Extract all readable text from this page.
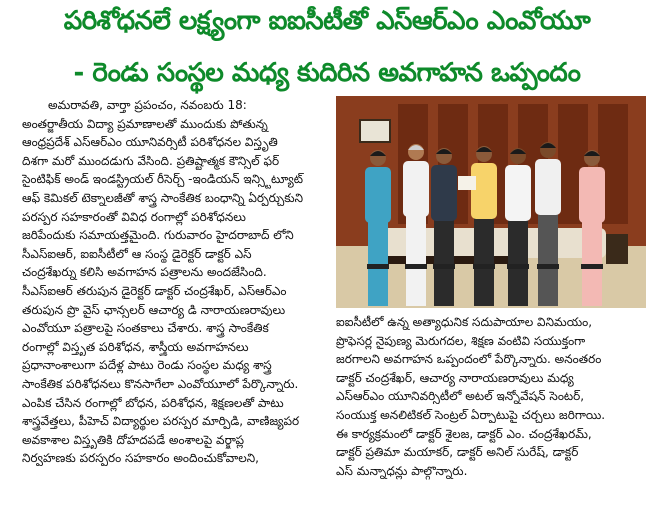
పరిశోధనలే లక్ష్యంగా ఐఐసీటీతో ఎస్ఆర్ఎం ఎంవోయూ
- రెండు సంస్థల మధ్య కుదిరిన అవగాహన ఒప్పందం

అమరావతి, వార్తా ప్రపంచం, నవంబరు 18:

అంతర్జాతీయ విద్యా ప్రమాణాలతో ముందుకు పోతున్న

ఆంధ్రప్రదేశ్ ఎస్ఆర్ఎం యూనివర్సిటీ పరిశోధనల విస్తృతి

దిశగా మరో ముందడుగు వేసింది. ప్రతిష్టాత్మక కౌన్సిల్ ఫర్

సైంటిఫిక్ అండ్ ఇండస్ట్రియల్ రీసెర్చ్ -ఇండియన్ ఇన్స్టిట్యూట్

ఆఫ్ కెమికల్ టెక్నాలజీతో శాస్త్ర సాంకేతిక బంధాన్ని ఏర్పర్చుకుని

పరస్పర సహకారంతో వివిధ రంగాల్లో పరిశోధనలు

జరిపేందుకు సమాయత్తమైంది. గురువారం హైదరాబాద్ లోని

సీఎస్ఐఆర్, ఐఐసీటీలో ఆ సంస్థ డైరెక్టర్ డాక్టర్ ఎస్

చంద్రశేఖర్ను కలిసి అవగాహన పత్రాలను అందజేసింది.

సీఎస్ఐఆర్ తరుపున డైరెక్టర్ డాక్టర్ చంద్రశేఖర్, ఎస్ఆర్ఎం

తరుపున ప్రొ వైస్ ఛాన్సలర్ ఆచార్య డి నారాయణరావులు

ఎంవోయూ పత్రాలపై సంతకాలు చేశారు. శాస్త్ర సాంకేతిక

రంగాల్లో విస్తృత పరిశోధన, శాస్త్రీయ అవగాహనలు

ప్రధానాంశాలుగా పదేళ్ల పాటు రెండు సంస్థల మధ్య శాస్త్ర

సాంకేతిక పరిశోధనలు కొనసాగేలా ఎంవోయూలో పేర్కొన్నారు.

ఎంపిక చేసిన రంగాల్లో బోధన, పరిశోధన, శిక్షణలతో పాటు

శాస్త్రవేత్తలు, పీహెచ్ విద్యార్థుల పరస్పర మార్పిడి, వాణిజ్యపర

అవకాశాల విస్తృతికి దోహదపడే అంశాలపై వర్క్షాప్ల

నిర్వహణకు పరస్పరం సహకారం అందించుకోవాలని,

ఐఐసీటీలో ఉన్న అత్యాధునిక సదుపాయాల వినిమయం,

ప్రొఫెసర్ల నైపుణ్య మెరుగదల, శిక్షణ వంటివి సయుక్తంగా

జరగాలని అవగాహన ఒప్పందంలో పేర్కొన్నారు. అనంతరం

డాక్టర్ చంద్రశేఖర్, ఆచార్య నారాయణరావులు మధ్య

ఎస్ఆర్ఎం యూనివర్సిటీలో అటల్ ఇన్నోవేషన్ సెంటర్,

సంయుక్త అనలిటికల్ సెంట్రల్ ఏర్పాటుపై చర్చలు జరిగాయి.

ఈ కార్యక్రమంలో డాక్టర్ శైలజ, డాక్టర్ ఎం. చంద్రశేఖరమ్,

డాక్టర్ ప్రతిమా మయాకర్, డాక్టర్ అనిల్ సురేష్, డాక్టర్

ఎస్ మన్నాధన్లు పాల్గొన్నారు.
